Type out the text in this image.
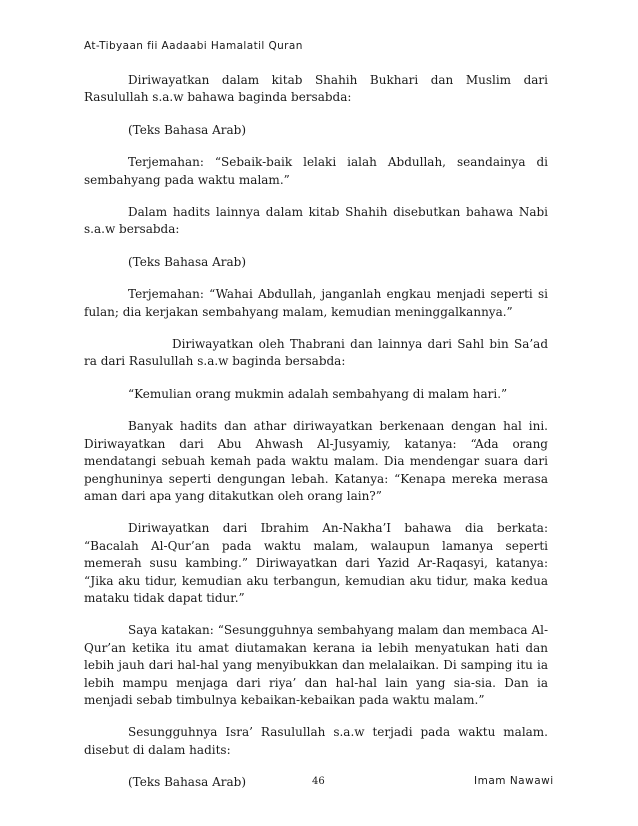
At-Tibyaan fii Aadaabi Hamalatil Quran

Diriwayatkan dalam kitab Shahih Bukhari dan Muslim dari Rasulullah s.a.w bahawa baginda bersabda:

(Teks Bahasa Arab)

Terjemahan: “Sebaik-baik lelaki ialah Abdullah, seandainya di sembahyang pada waktu malam.”

Dalam hadits lainnya dalam kitab Shahih disebutkan bahawa Nabi s.a.w bersabda:

(Teks Bahasa Arab)

Terjemahan: “Wahai Abdullah, janganlah engkau menjadi seperti si fulan; dia kerjakan sembahyang malam, kemudian meninggalkannya.”

Diriwayatkan oleh Thabrani dan lainnya dari Sahl bin Sa’ad ra dari Rasulullah s.a.w baginda bersabda:

“Kemulian orang mukmin adalah sembahyang di malam hari.”

Banyak hadits dan athar diriwayatkan berkenaan dengan hal ini. Diriwayatkan dari Abu Ahwash Al-Jusyamiy, katanya: “Ada orang mendatangi sebuah kemah pada waktu malam. Dia mendengar suara dari penghuninya seperti dengungan lebah. Katanya: “Kenapa mereka merasa aman dari apa yang ditakutkan oleh orang lain?”

Diriwayatkan dari Ibrahim An-Nakha’I bahawa dia berkata: “Bacalah Al-Qur’an pada waktu malam, walaupun lamanya seperti memerah susu kambing.” Diriwayatkan dari Yazid Ar-Raqasyi, katanya: “Jika aku tidur, kemudian aku terbangun, kemudian aku tidur, maka kedua mataku tidak dapat tidur.”

Saya katakan: “Sesungguhnya sembahyang malam dan membaca Al-Qur’an ketika itu amat diutamakan kerana ia lebih menyatukan hati dan lebih jauh dari hal-hal yang menyibukkan dan melalaikan. Di samping itu ia lebih mampu menjaga dari riya’ dan hal-hal lain yang sia-sia. Dan ia menjadi sebab timbulnya kebaikan-kebaikan pada waktu malam.”

Sesungguhnya Isra’ Rasulullah s.a.w terjadi pada waktu malam. disebut di dalam hadits:

(Teks Bahasa Arab)	46	Imam Nawawi
